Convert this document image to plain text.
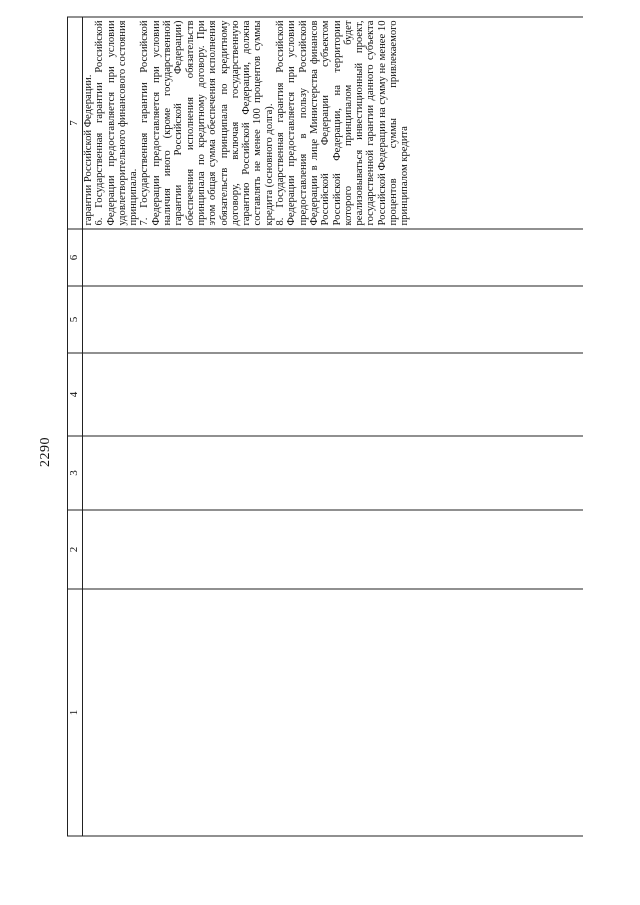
2290
1	2	3	4	5	6	7

						гарантии Российской Федерации. 6. Государственная гарантии Российской Федерации предоставляется при условии удовлетворительного финансового состояния принципала. 7. Государственная гарантии Российской Федерации предоставляется при условии наличия иного (кроме государственной гарантии Российской Федерации) обеспечения исполнения обязательств принципала по кредитному договору. При этом общая сумма обеспечения исполнения обязательств принципала по кредитному договору, включая государственную гарантию Российской Федерации, должна составлять не менее 100 процентов суммы кредита (основного долга). 8. Государственная гарантия Российской Федерации предоставляется при условии предоставления в пользу Российской Федерации в лице Министерства финансов Российской Федерации субъектом Российской Федерации, на территории которого принципалом будет реализовываться инвестиционный проект, государственной гарантии данного субъекта Российской Федерации на сумму не менее 10 процентов суммы привлекаемого принципалом кредита
